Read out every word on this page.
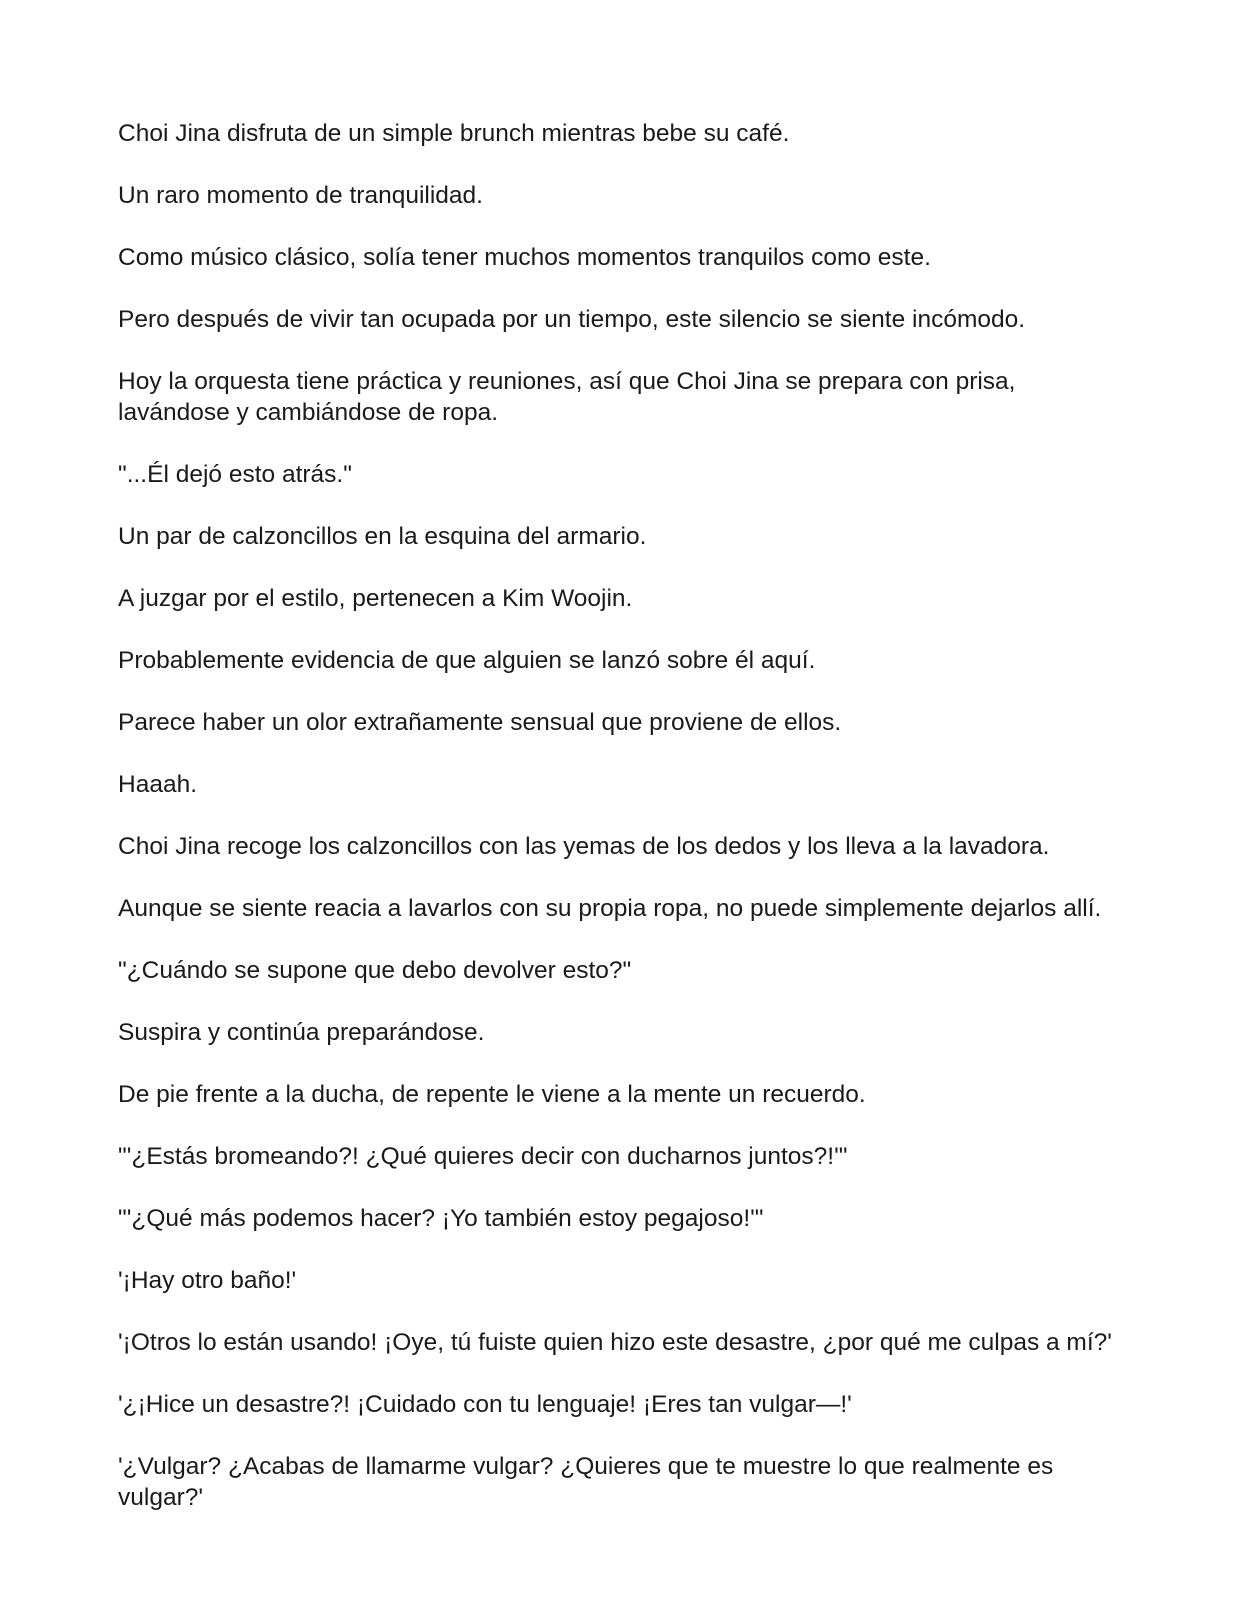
Choi Jina disfruta de un simple brunch mientras bebe su café.

Un raro momento de tranquilidad.

Como músico clásico, solía tener muchos momentos tranquilos como este.

Pero después de vivir tan ocupada por un tiempo, este silencio se siente incómodo.

Hoy la orquesta tiene práctica y reuniones, así que Choi Jina se prepara con prisa, lavándose y cambiándose de ropa.

"...Él dejó esto atrás."

Un par de calzoncillos en la esquina del armario.

A juzgar por el estilo, pertenecen a Kim Woojin.

Probablemente evidencia de que alguien se lanzó sobre él aquí.

Parece haber un olor extrañamente sensual que proviene de ellos.

Haaah.

Choi Jina recoge los calzoncillos con las yemas de los dedos y los lleva a la lavadora.

Aunque se siente reacia a lavarlos con su propia ropa, no puede simplemente dejarlos allí.

"¿Cuándo se supone que debo devolver esto?"

Suspira y continúa preparándose.

De pie frente a la ducha, de repente le viene a la mente un recuerdo.

"'¿Estás bromeando?! ¿Qué quieres decir con ducharnos juntos?!'"

"'¿Qué más podemos hacer? ¡Yo también estoy pegajoso!'"

'¡Hay otro baño!'

'¡Otros lo están usando! ¡Oye, tú fuiste quien hizo este desastre, ¿por qué me culpas a mí?'

'¿¡Hice un desastre?! ¡Cuidado con tu lenguaje! ¡Eres tan vulgar—!'

'¿Vulgar? ¿Acabas de llamarme vulgar? ¿Quieres que te muestre lo que realmente es vulgar?'
